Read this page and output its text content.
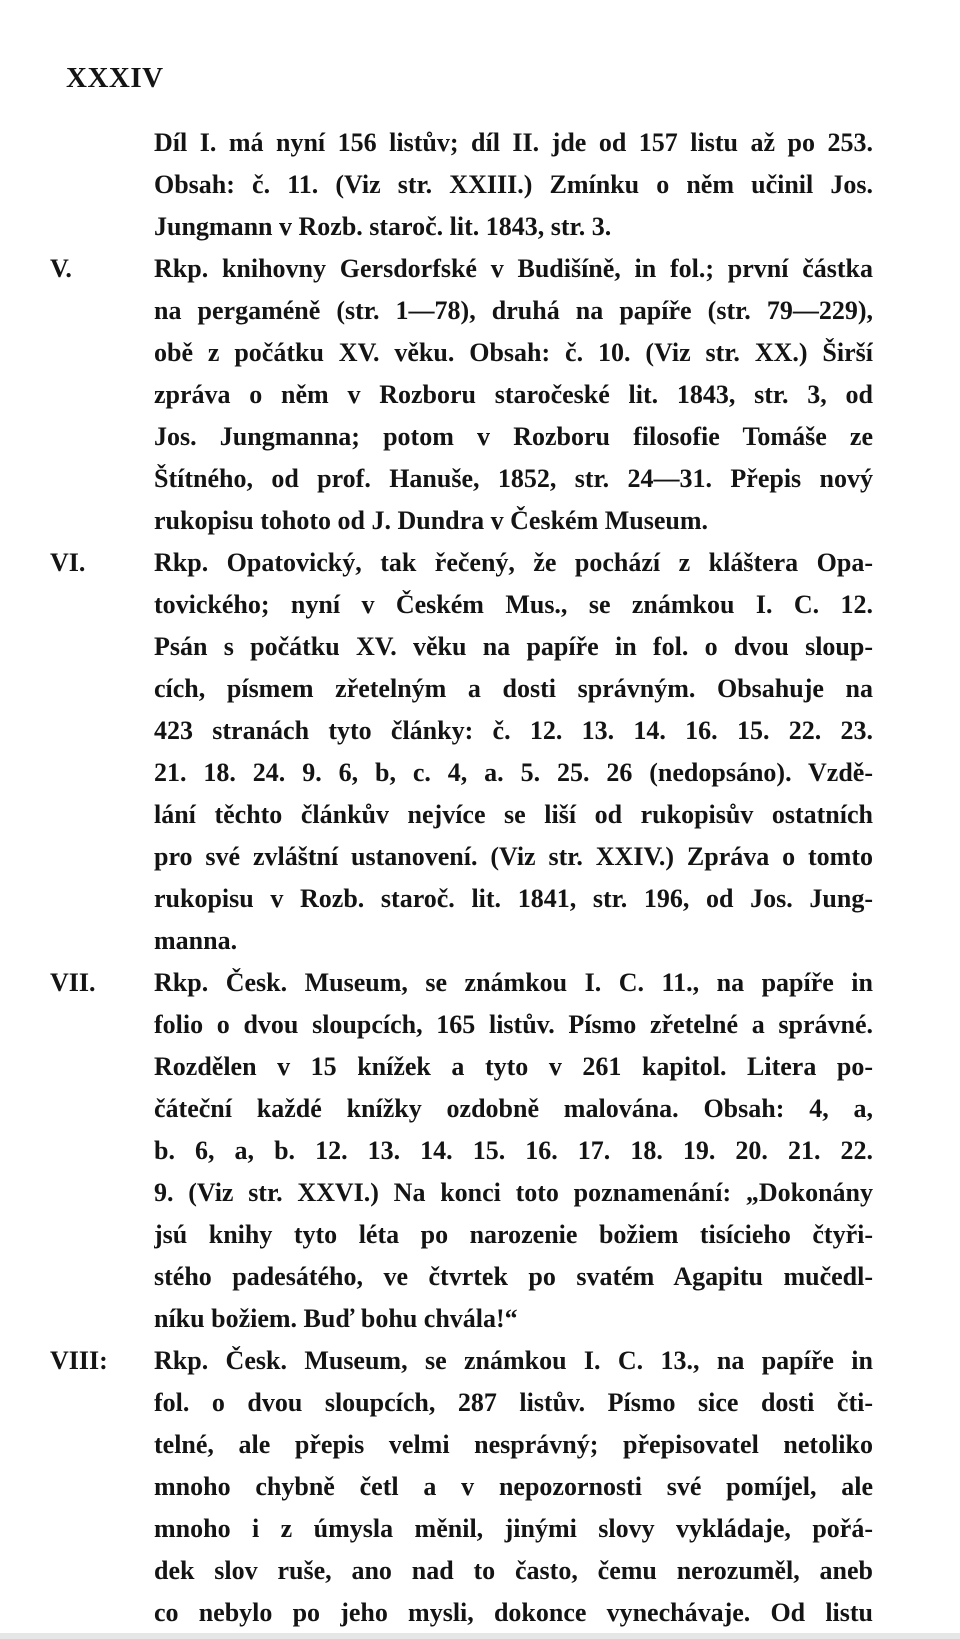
XXXIV
Díl I. má nyní 156 listův; díl II. jde od 157 listu až po 253.
Obsah: č. 11. (Viz str. XXIII.) Zmínku o něm učinil Jos.
Jungmann v Rozb. staroč. lit. 1843, str. 3.
V.	Rkp. knihovny Gersdorfské v Budišíně, in fol.; první částka
na pergaméně (str. 1—78), druhá na papíře (str. 79—229),
obě z počátku XV. věku. Obsah: č. 10. (Viz str. XX.) Širší
zpráva o něm v Rozboru staročeské lit. 1843, str. 3, od
Jos. Jungmanna; potom v Rozboru filosofie Tomáše ze
Štítného, od prof. Hanuše, 1852, str. 24—31. Přepis nový
rukopisu tohoto od J. Dundra v Českém Museum.
VI.	Rkp. Opatovický, tak řečený, že pochází z kláštera Opa-
tovického; nyní v Českém Mus., se známkou I. C. 12.
Psán s počátku XV. věku na papíře in fol. o dvou sloup-
cích, písmem zřetelným a dosti správným. Obsahuje na
423 stranách tyto články: č. 12. 13. 14. 16. 15. 22. 23.
21. 18. 24. 9. 6, b, c. 4, a. 5. 25. 26 (nedopsáno). Vzdě-
lání těchto článkův nejvíce se liší od rukopisův ostatních
pro své zvláštní ustanovení. (Viz str. XXIV.) Zpráva o tomto
rukopisu v Rozb. staroč. lit. 1841, str. 196, od Jos. Jung-
manna.
VII. Rkp. Česk. Museum, se známkou I. C. 11., na papíře in
folio o dvou sloupcích, 165 listův. Písmo zřetelné a správné.
Rozdělen v 15 knížek a tyto v 261 kapitol. Litera po-
čáteční každé knížky ozdobně malována. Obsah: 4, a,
b. 6, a, b. 12. 13. 14. 15. 16. 17. 18. 19. 20. 21. 22.
9. (Viz str. XXVI.) Na konci toto poznamenání: „Dokonány
jsú knihy tyto léta po narozenie božiem tisícieho čtyři-
stého padesátého, ve čtvrtek po svatém Agapitu mučedl-
níku božiem. Buď bohu chvála!“
VIII: Rkp. Česk. Museum, se známkou I. C. 13., na papíře in
fol. o dvou sloupcích, 287 listův. Písmo sice dosti čti-
telné, ale přepis velmi nesprávný; přepisovatel netoliko
mnoho chybně četl a v nepozornosti své pomíjel, ale
mnoho i z úmysla měnil, jinými slovy vykládaje, pořá-
dek slov ruše, ano nad to často, čemu nerozuměl, aneb
co nebylo po jeho mysli, dokonce vynechávaje. Od listu
